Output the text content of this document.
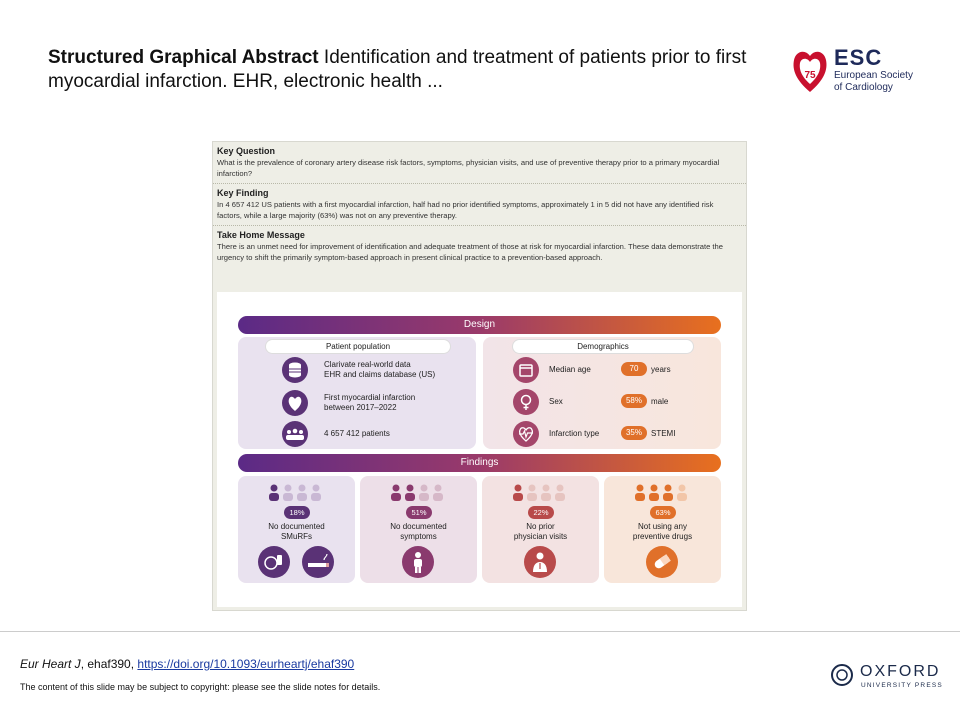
Structured Graphical Abstract Identification and treatment of patients prior to first myocardial infarction. EHR, electronic health ...	75
ESC
European Society
of Cardiology
Key Question

What is the prevalence of coronary artery disease risk factors, symptoms, physician visits, and use of preventive therapy prior to a primary myocardial infarction?

Key Finding

In 4 657 412 US patients with a first myocardial infarction, half had no prior identified symptoms, approximately 1 in 5 did not have any identified risk factors, while a large majority (63%) was not on any preventive therapy.

Take Home Message

There is an unmet need for improvement of identification and adequate treatment of those at risk for myocardial infarction. These data demonstrate the urgency to shift the primarily symptom-based approach in present clinical practice to a prevention-based approach.

Design
Patient population
Clarivate real-world data
EHR and claims database (US)
First myocardial infarction
between 2017–2022
4 657 412 patients
Demographics
Median age	70	years
Sex	58%	male
Infarction type	35%	STEMI
Findings
18%
No documented
SMuRFs
51%
No documented
symptoms
22%
No prior
physician visits
63%
Not using any
preventive drugs
Eur Heart J, ehaf390, https://doi.org/10.1093/eurheartj/ehaf390
The content of this slide may be subject to copyright: please see the slide notes for details.
OXFORD
UNIVERSITY PRESS
